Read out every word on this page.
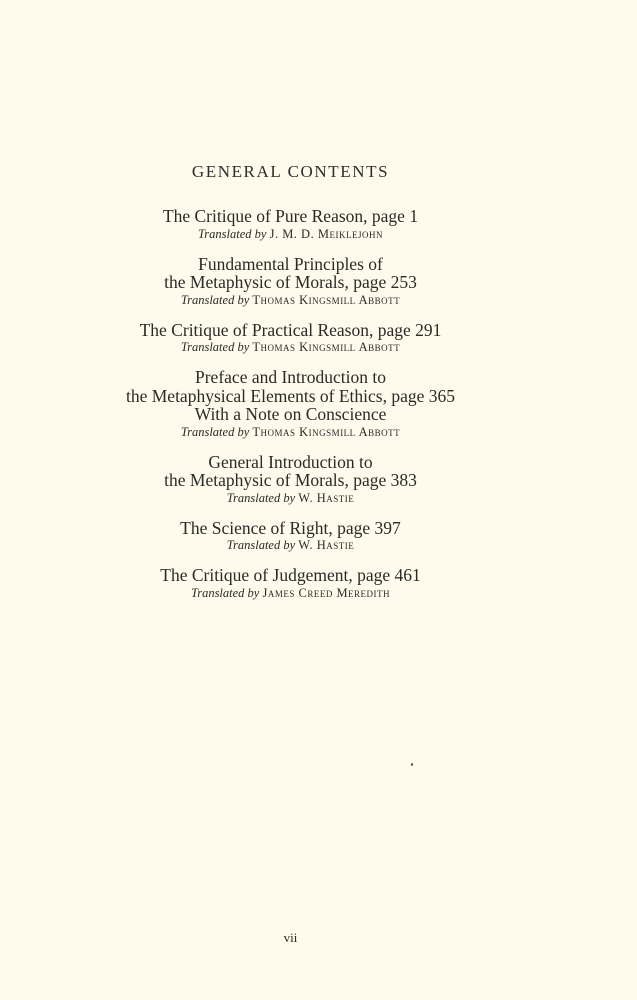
GENERAL CONTENTS
The Critique of Pure Reason, page 1
Translated by J. M. D. Meiklejohn
Fundamental Principles of
the Metaphysic of Morals, page 253
Translated by Thomas Kingsmill Abbott
The Critique of Practical Reason, page 291
Translated by Thomas Kingsmill Abbott
Preface and Introduction to
the Metaphysical Elements of Ethics, page 365
With a Note on Conscience
Translated by Thomas Kingsmill Abbott
General Introduction to
the Metaphysic of Morals, page 383
Translated by W. Hastie
The Science of Right, page 397
Translated by W. Hastie
The Critique of Judgement, page 461
Translated by James Creed Meredith
vii
